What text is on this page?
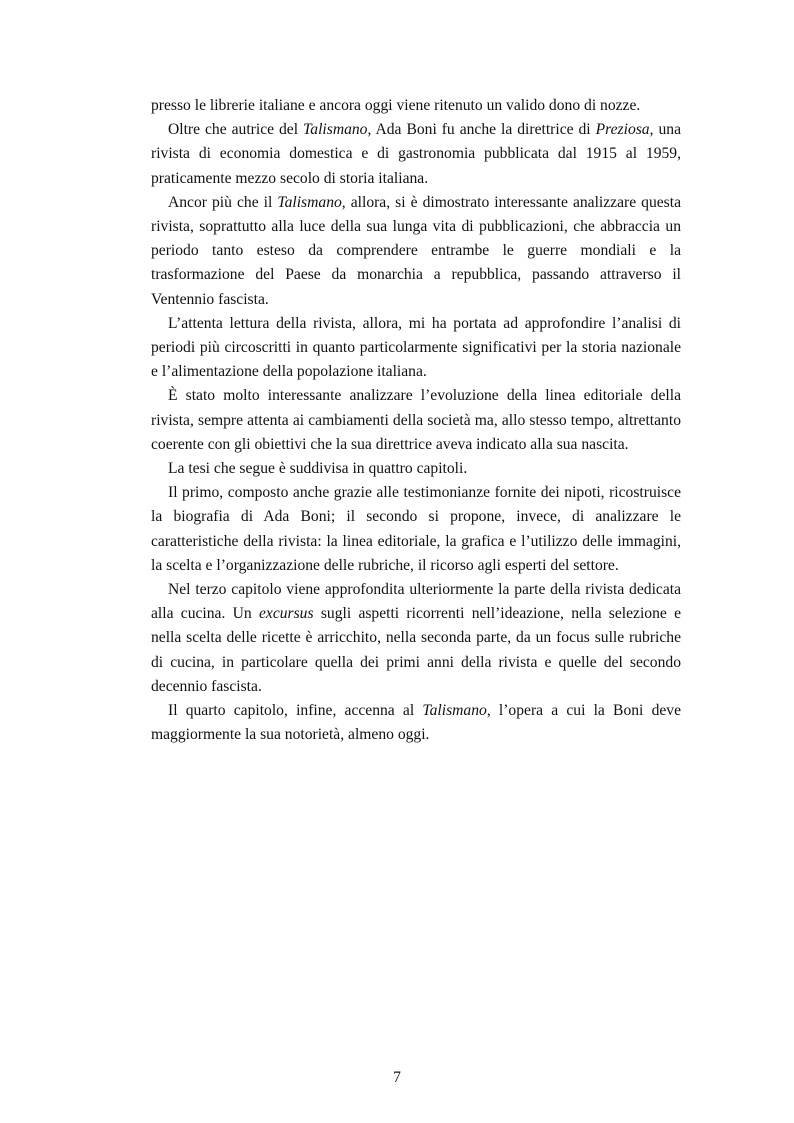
presso le librerie italiane e ancora oggi viene ritenuto un valido dono di nozze.

Oltre che autrice del Talismano, Ada Boni fu anche la direttrice di Preziosa, una rivista di economia domestica e di gastronomia pubblicata dal 1915 al 1959, praticamente mezzo secolo di storia italiana.

Ancor più che il Talismano, allora, si è dimostrato interessante analizzare questa rivista, soprattutto alla luce della sua lunga vita di pubblicazioni, che abbraccia un periodo tanto esteso da comprendere entrambe le guerre mondiali e la trasformazione del Paese da monarchia a repubblica, passando attraverso il Ventennio fascista.

L’attenta lettura della rivista, allora, mi ha portata ad approfondire l’analisi di periodi più circoscritti in quanto particolarmente significativi per la storia nazionale e l’alimentazione della popolazione italiana.

È stato molto interessante analizzare l’evoluzione della linea editoriale della rivista, sempre attenta ai cambiamenti della società ma, allo stesso tempo, altrettanto coerente con gli obiettivi che la sua direttrice aveva indicato alla sua nascita.

La tesi che segue è suddivisa in quattro capitoli.

Il primo, composto anche grazie alle testimonianze fornite dei nipoti, ricostruisce la biografia di Ada Boni; il secondo si propone, invece, di analizzare le caratteristiche della rivista: la linea editoriale, la grafica e l’utilizzo delle immagini, la scelta e l’organizzazione delle rubriche, il ricorso agli esperti del settore.

Nel terzo capitolo viene approfondita ulteriormente la parte della rivista dedicata alla cucina. Un excursus sugli aspetti ricorrenti nell’ideazione, nella selezione e nella scelta delle ricette è arricchito, nella seconda parte, da un focus sulle rubriche di cucina, in particolare quella dei primi anni della rivista e quelle del secondo decennio fascista.

Il quarto capitolo, infine, accenna al Talismano, l’opera a cui la Boni deve maggiormente la sua notorietà, almeno oggi.

7
